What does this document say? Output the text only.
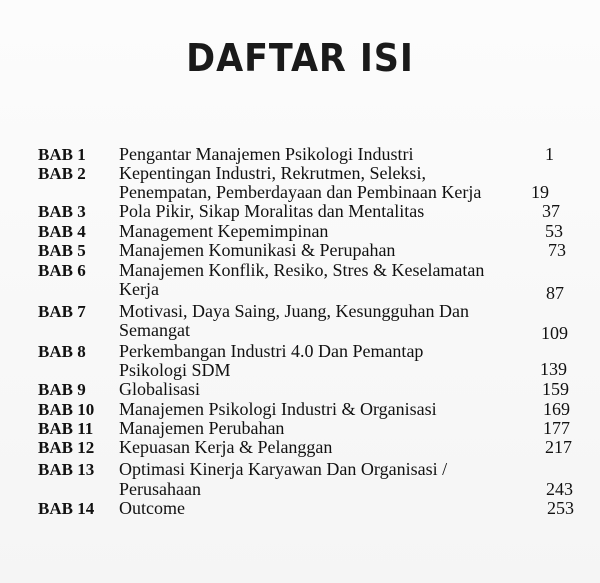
DAFTAR ISI
BAB 1 Pengantar Manajemen Psikologi Industri	1
BAB 2 Kepentingan Industri, Rekrutmen, Seleksi,
Penempatan, Pemberdayaan dan Pembinaan Kerja	19
BAB 3 Pola Pikir, Sikap Moralitas dan Mentalitas	37
BAB 4 Management Kepemimpinan	53
BAB 5 Manajemen Komunikasi & Perupahan	73
BAB 6 Manajemen Konflik, Resiko, Stres & Keselamatan
Kerja	87
BAB 7 Motivasi, Daya Saing, Juang, Kesungguhan Dan
Semangat	109
BAB 8 Perkembangan Industri 4.0 Dan Pemantap
Psikologi SDM	139
BAB 9 Globalisasi	159
BAB 10 Manajemen Psikologi Industri & Organisasi	169
BAB 11 Manajemen Perubahan	177
BAB 12 Kepuasan Kerja & Pelanggan	217
BAB 13 Optimasi Kinerja Karyawan Dan Organisasi /
Perusahaan	243
BAB 14 Outcome	253
